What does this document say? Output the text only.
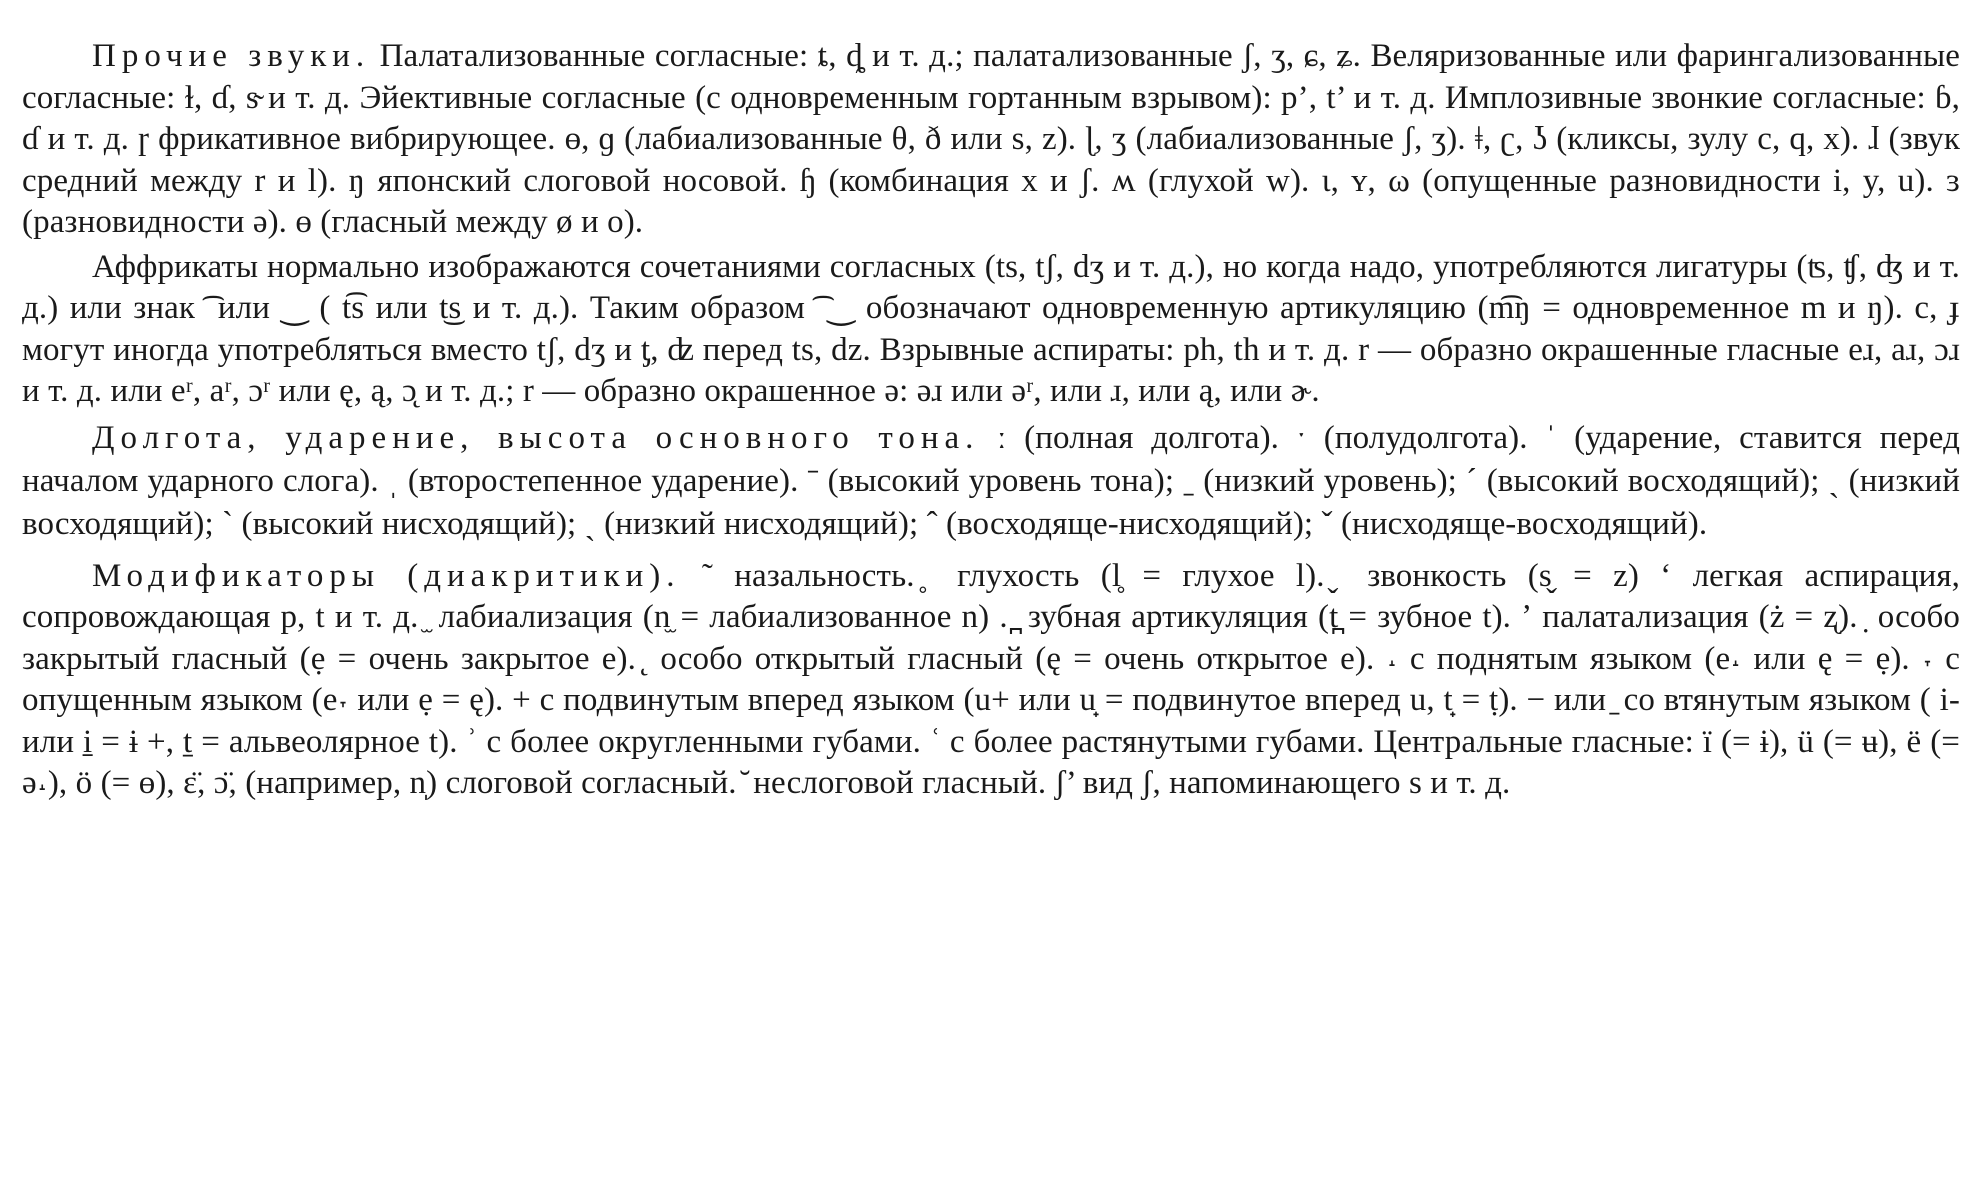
Прочие звуки. Палатализованные согласные: ȶ, ȡ и т. д.; палатализованные ʃ, ʒ, ɕ, ʑ. Веляризованные или фарингализованные согласные: ɫ, ɗ, s̴ и т. д. Эйективные согласные (с одновременным гортанным взрывом): p’, t’ и т. д. Имплозивные звонкие согласные: ɓ, ɗ и т. д. ɼ фрикативное вибрирующее. ɵ, ɡ (лабиализованные θ, ð или s, z). ɭ, ʒ (лабиализованные ʃ, ʒ). ǂ, ʗ, ʖ (кликсы, зулу c, q, x). ɺ (звук средний между r и l). ŋ японский слоговой носовой. ɧ (комбинация x и ʃ. ʍ (глухой w). ɩ, ʏ, ω (опущенные разновидности i, y, u). ɜ (разновидности ə). ɵ (гласный между ø и o).

Аффрикаты нормально изображаются сочетаниями согласных (ts, tʃ, dʒ и т. д.), но когда надо, употребляются лигатуры (ʦ, ʧ, ʤ и т. д.) или знак ͡ или ‿ ( t͡s или t͜s и т. д.). Таким образом ͡ ‿ обозначают одновременную артикуляцию (m͡ŋ = одновременное m и ŋ). c, ɟ могут иногда употребляться вместо tʃ, dʒ и ƫ, ʣ перед ts, dz. Взрывные аспираты: ph, th и т. д. r — образно окрашенные гласные eɹ, aɹ, ɔɹ и т. д. или eʳ, aʳ, ɔʳ или ę, ą, ɔ̨ и т. д.; r — образно окрашенное ə: əɹ или əʳ, или ɹ, или ą, или ɚ.

Долгота, ударение, высота основного тона. ː (полная долгота). ˑ (полудолгота). ˈ (ударение, ставится перед началом ударного слога). ˌ (второстепенное ударение). ˉ (высокий уровень тона); ˍ (низкий уровень); ˊ (высокий восходящий); ˏ (низкий восходящий); ˋ (высокий нисходящий); ˎ (низкий нисходящий); ˆ (восходяще-нисходящий); ˇ (нисходяще-восходящий).

Модификаторы (диакритики). ˜ назальность. ̥ глухость (l̥ = глухое l). ̬ звонкость (s̬ = z) ʻ легкая аспирация, сопровождающая p, t и т. д. ̫ лабиализация (n̫ = лабиализованное n) . ̪ зубная артикуляция (t̪ = зубное t). ʼ палатализация (ż = ʐ). ̣ особо закрытый гласный (ẹ = очень закрытое e). ̨ особо открытый гласный (ę = очень открытое e). ˔ с поднятым языком (e˔ или ę = ẹ). ˕ с опущенным языком (e˕ или ẹ = ę). + с подвинутым вперед языком (u+ или u̟ = подвинутое вперед u, t̟ = ṭ). − или ̠ со втянутым языком ( i- или i̠ = ɨ +, t̠ = альвеолярное t). ʾ с более округленными губами. ʿ с более растянутыми губами. Центральные гласные: ï (= ɨ), ü (= ʉ), ë (= ə˔), ö (= ɵ), ɛ̈, ɔ̈, (например, n̩) слоговой согласный. ̆ неслоговой гласный. ʃ’ вид ʃ, напоминающего s и т. д.
